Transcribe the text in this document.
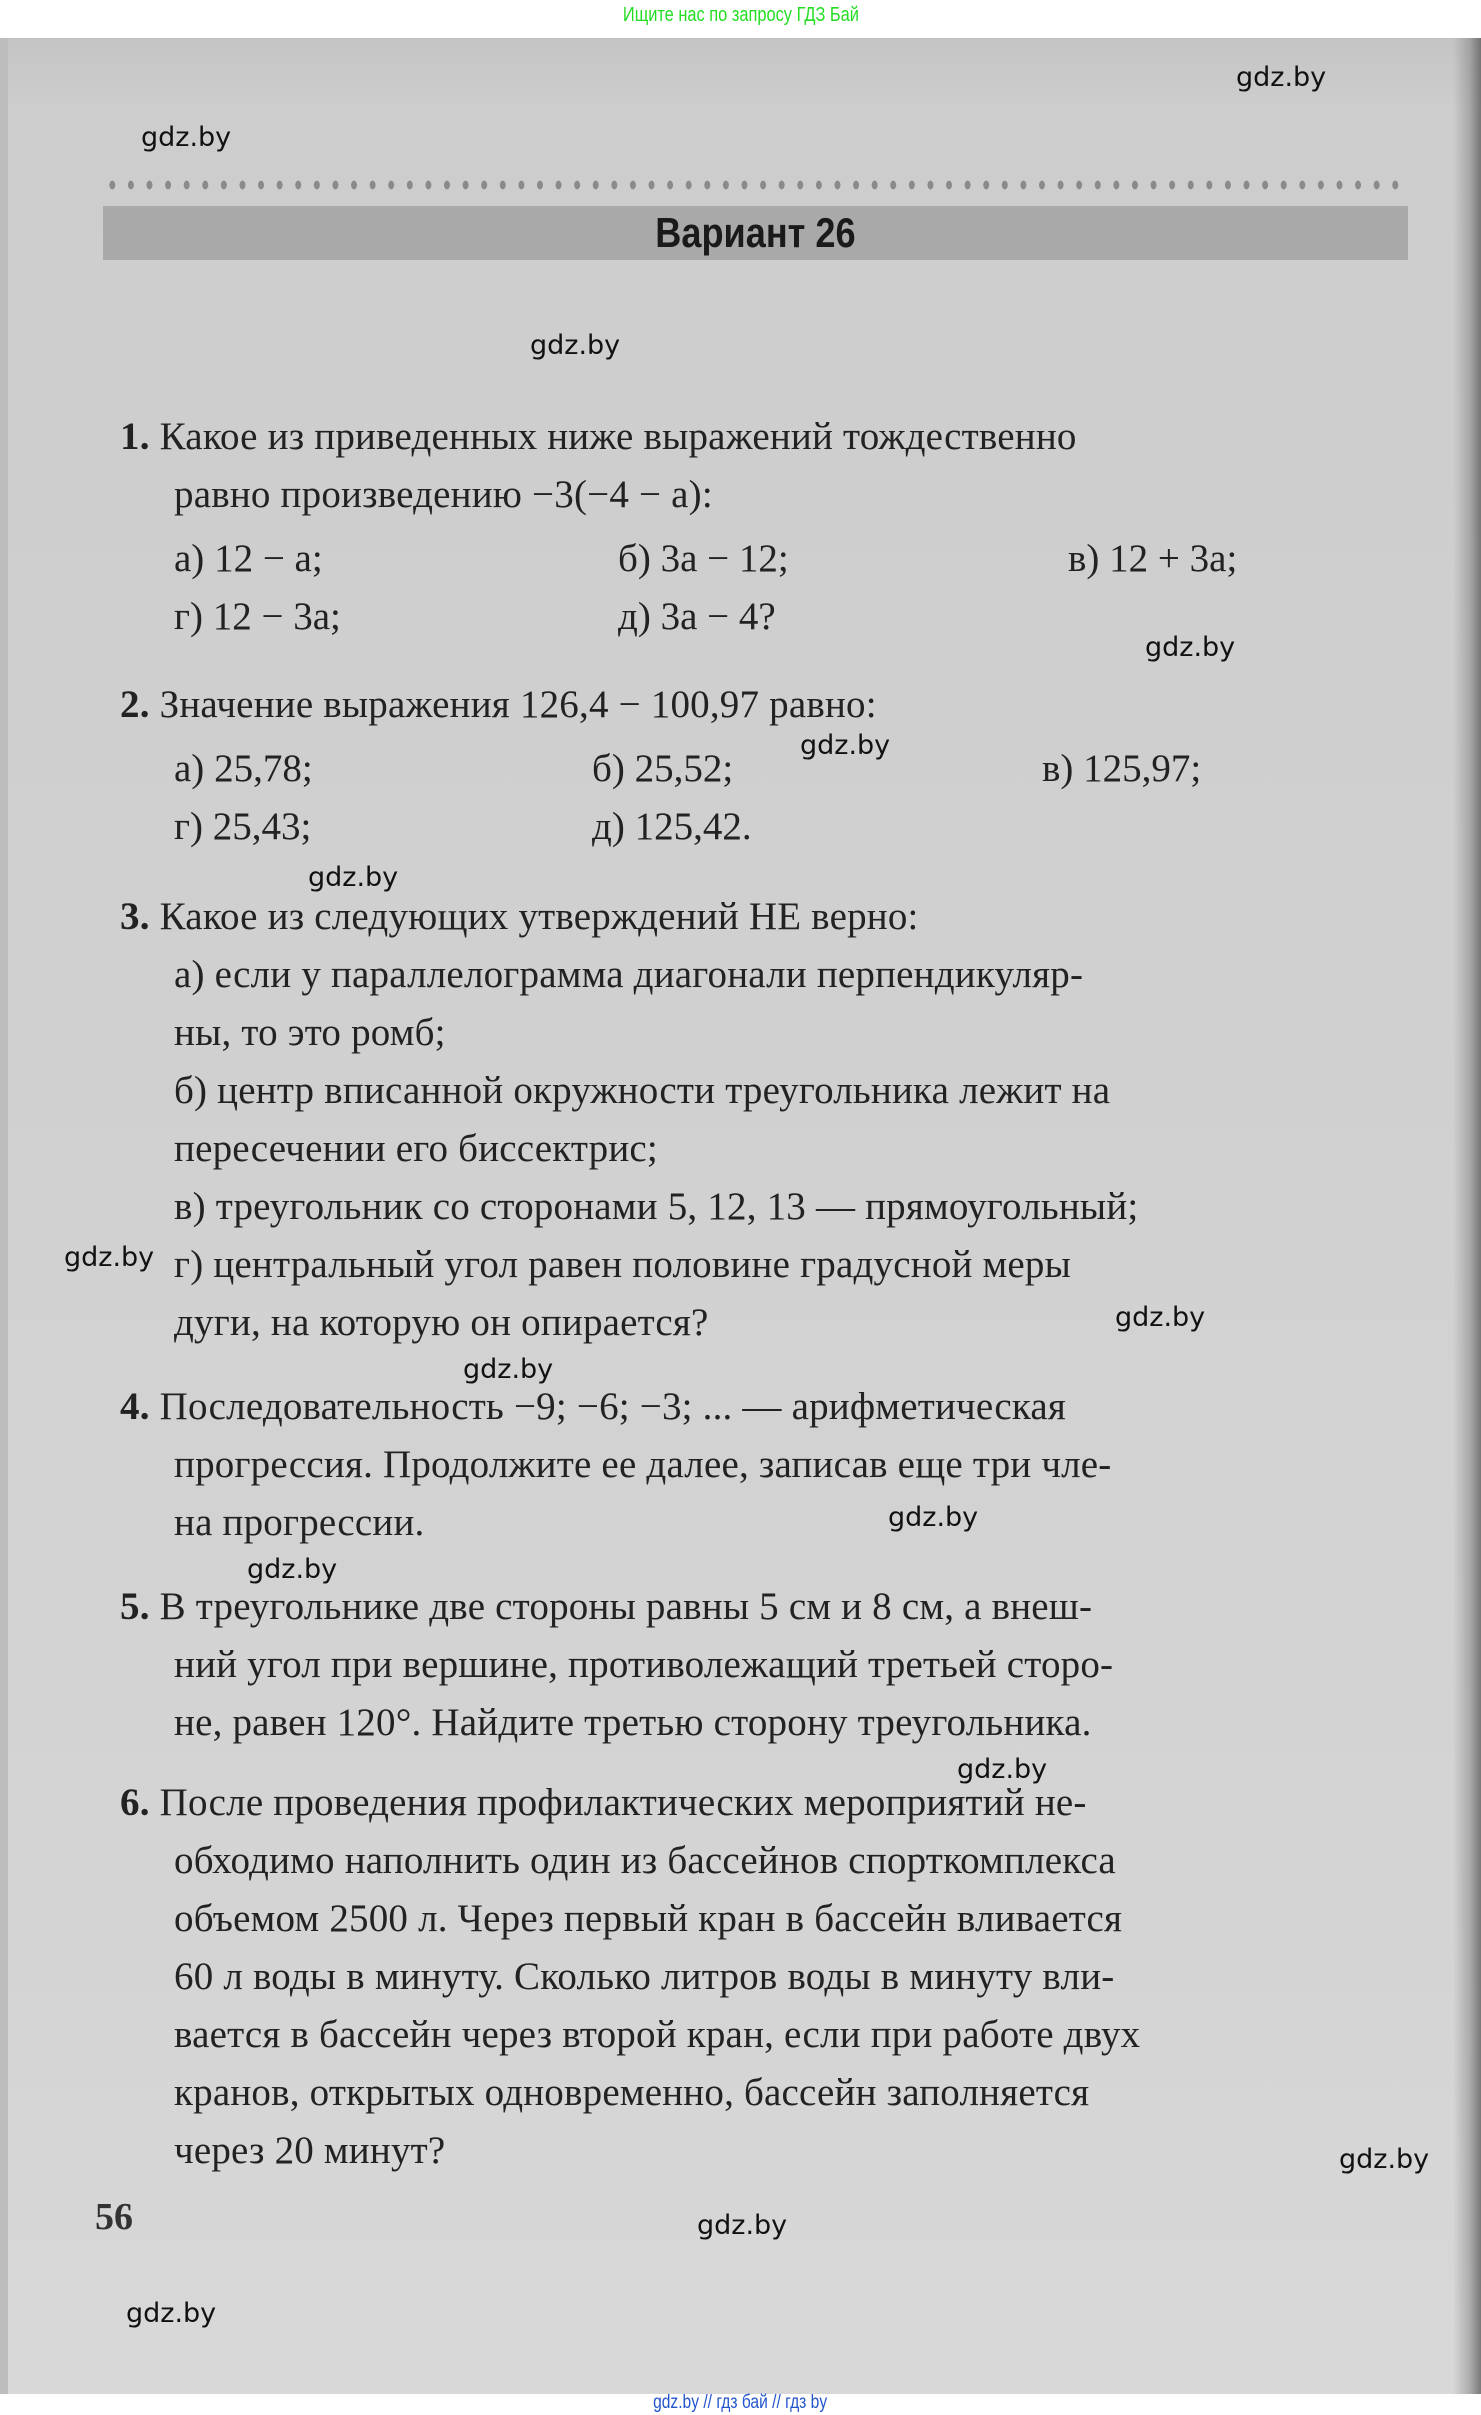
Ищите нас по запросу ГДЗ Бай
Вариант 26
1. Какое из приведенных ниже выражений тождественно
равно произведению −3(−4 − a):
а) 12 − a;	б) 3a − 12;	в) 12 + 3a;
г) 12 − 3a;	д) 3a − 4?
2. Значение выражения 126,4 − 100,97 равно:
а) 25,78;	б) 25,52;	в) 125,97;
г) 25,43;	д) 125,42.
3. Какое из следующих утверждений НЕ верно:
а) если у параллелограмма диагонали перпендикуляр-
ны, то это ромб;
б) центр вписанной окружности треугольника лежит на
пересечении его биссектрис;
в) треугольник со сторонами 5, 12, 13 — прямоугольный;
г) центральный угол равен половине градусной меры
дуги, на которую он опирается?
4. Последовательность −9; −6; −3; ... — арифметическая
прогрессия. Продолжите ее далее, записав еще три чле-
на прогрессии.
5. В треугольнике две стороны равны 5 см и 8 см, а внеш-
ний угол при вершине, противолежащий третьей сторо-
не, равен 120°. Найдите третью сторону треугольника.
6. После проведения профилактических мероприятий не-
обходимо наполнить один из бассейнов спорткомплекса
объемом 2500 л. Через первый кран в бассейн вливается
60 л воды в минуту. Сколько литров воды в минуту вли-
вается в бассейн через второй кран, если при работе двух
кранов, открытых одновременно, бассейн заполняется
через 20 минут?
56
gdz.by
gdz.by
gdz.by
gdz.by
gdz.by
gdz.by
gdz.by
gdz.by
gdz.by
gdz.by
gdz.by
gdz.by
gdz.by
gdz.by
gdz.by
gdz.by // гдз бай // гдз by
